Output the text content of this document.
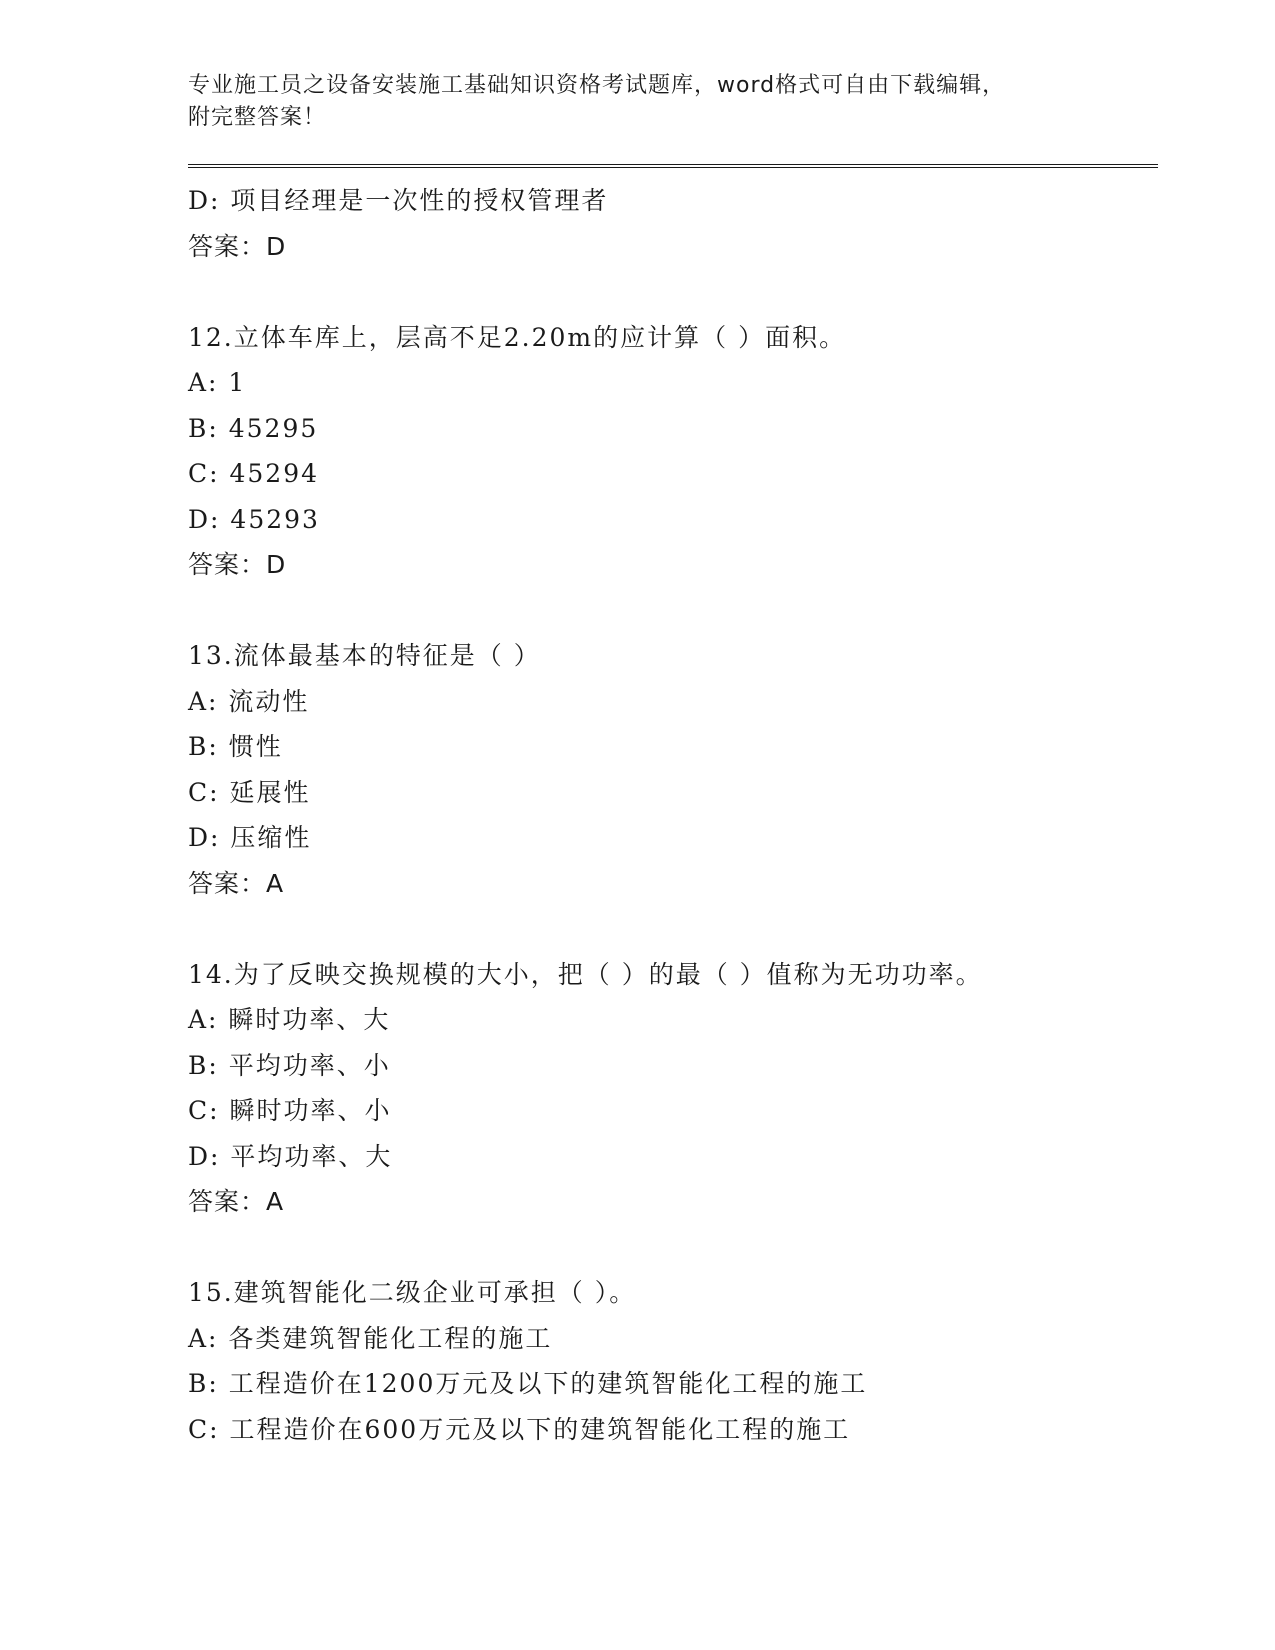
专业施工员之设备安装施工基础知识资格考试题库，word格式可自由下载编辑，
附完整答案！
D: 项目经理是一次性的授权管理者
答案：D
12.立体车库上，层高不足2.20m的应计算（ ）面积。
A: 1
B: 45295
C: 45294
D: 45293
答案：D
13.流体最基本的特征是（ ）
A: 流动性
B: 惯性
C: 延展性
D: 压缩性
答案：A
14.为了反映交换规模的大小，把（ ）的最（ ）值称为无功功率。
A: 瞬时功率、大
B: 平均功率、小
C: 瞬时功率、小
D: 平均功率、大
答案：A
15.建筑智能化二级企业可承担（ ）。
A: 各类建筑智能化工程的施工
B: 工程造价在1200万元及以下的建筑智能化工程的施工
C: 工程造价在600万元及以下的建筑智能化工程的施工
